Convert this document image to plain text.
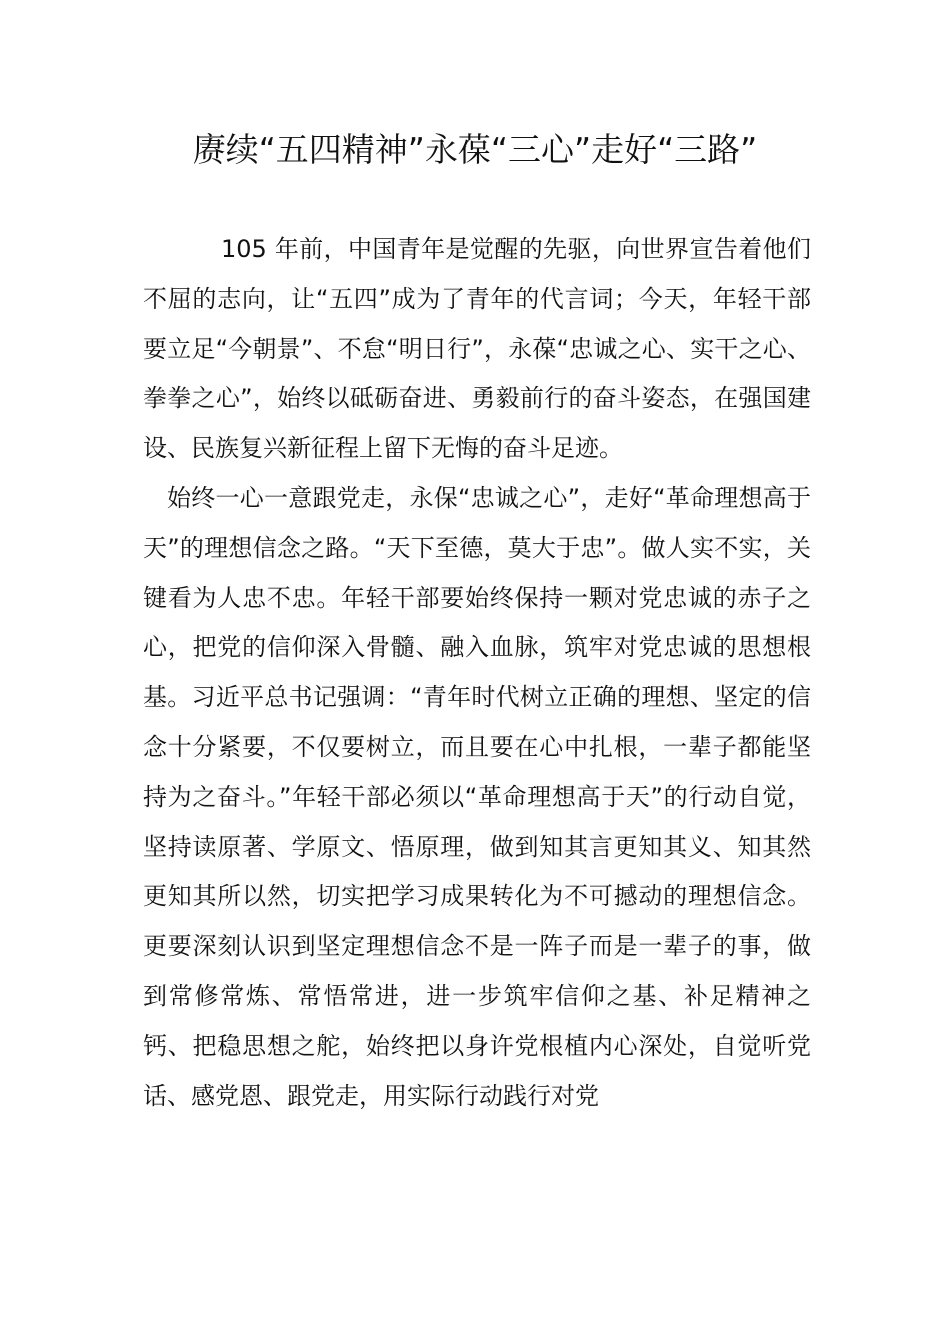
赓续“五四精神”永葆“三心”走好“三路”

105 年前，中国青年是觉醒的先驱，向世界宣告着他们不屈的志向，让“五四”成为了青年的代言词；今天，年轻干部要立足“今朝景”、不怠“明日行”，永葆“忠诚之心、实干之心、拳拳之心”，始终以砥砺奋进、勇毅前行的奋斗姿态，在强国建设、民族复兴新征程上留下无悔的奋斗足迹。

始终一心一意跟党走，永保“忠诚之心”，走好“革命理想高于天”的理想信念之路。“天下至德，莫大于忠”。做人实不实，关键看为人忠不忠。年轻干部要始终保持一颗对党忠诚的赤子之心，把党的信仰深入骨髓、融入血脉，筑牢对党忠诚的思想根基。习近平总书记强调：“青年时代树立正确的理想、坚定的信念十分紧要，不仅要树立，而且要在心中扎根，一辈子都能坚持为之奋斗。”年轻干部必须以“革命理想高于天”的行动自觉，坚持读原著、学原文、悟原理，做到知其言更知其义、知其然更知其所以然，切实把学习成果转化为不可撼动的理想信念。更要深刻认识到坚定理想信念不是一阵子而是一辈子的事，做到常修常炼、常悟常进，进一步筑牢信仰之基、补足精神之钙、把稳思想之舵，始终把以身许党根植内心深处，自觉听党话、感党恩、跟党走，用实际行动践行对党
